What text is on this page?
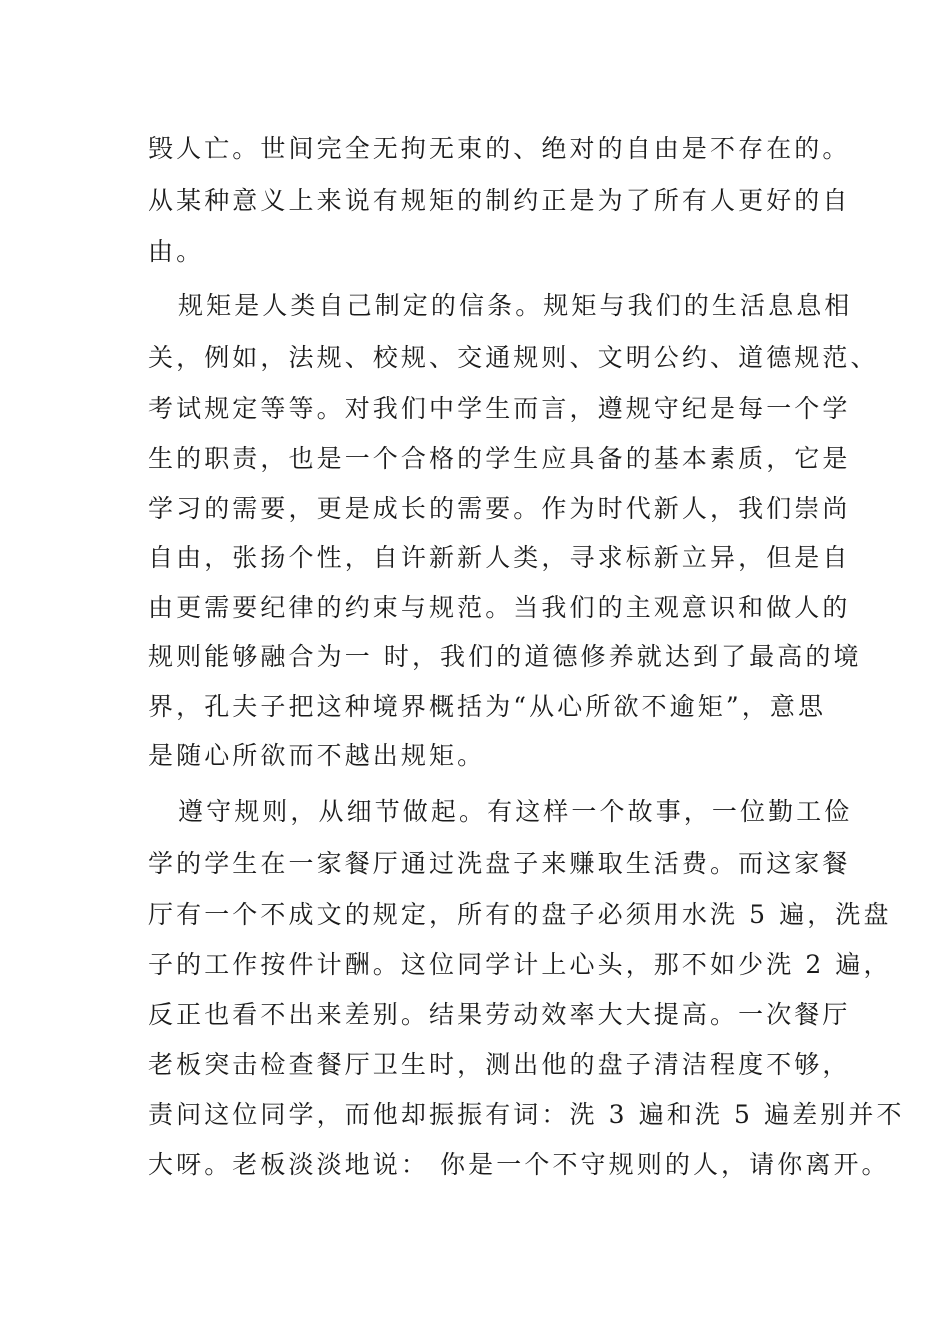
毁人亡。世间完全无拘无束的、绝对的自由是不存在的。
从某种意义上来说有规矩的制约正是为了所有人更好的自
由。
规矩是人类自己制定的信条。规矩与我们的生活息息相
关，例如，法规、校规、交通规则、文明公约、道德规范、
考试规定等等。对我们中学生而言，遵规守纪是每一个学
生的职责，也是一个合格的学生应具备的基本素质，它是
学习的需要，更是成长的需要。作为时代新人，我们崇尚
自由，张扬个性，自许新新人类，寻求标新立异，但是自
由更需要纪律的约束与规范。当我们的主观意识和做人的
规则能够融合为一 时，我们的道德修养就达到了最高的境
界，孔夫子把这种境界概括为“从心所欲不逾矩”，意思
是随心所欲而不越出规矩。
遵守规则，从细节做起。有这样一个故事，一位勤工俭
学的学生在一家餐厅通过洗盘子来赚取生活费。而这家餐
厅有一个不成文的规定，所有的盘子必须用水洗 5 遍，洗盘
子的工作按件计酬。这位同学计上心头，那不如少洗 2 遍，
反正也看不出来差别。结果劳动效率大大提高。一次餐厅
老板突击检查餐厅卫生时，测出他的盘子清洁程度不够，
责问这位同学，而他却振振有词：洗 3 遍和洗 5 遍差别并不
大呀。老板淡淡地说： 你是一个不守规则的人，请你离开。
